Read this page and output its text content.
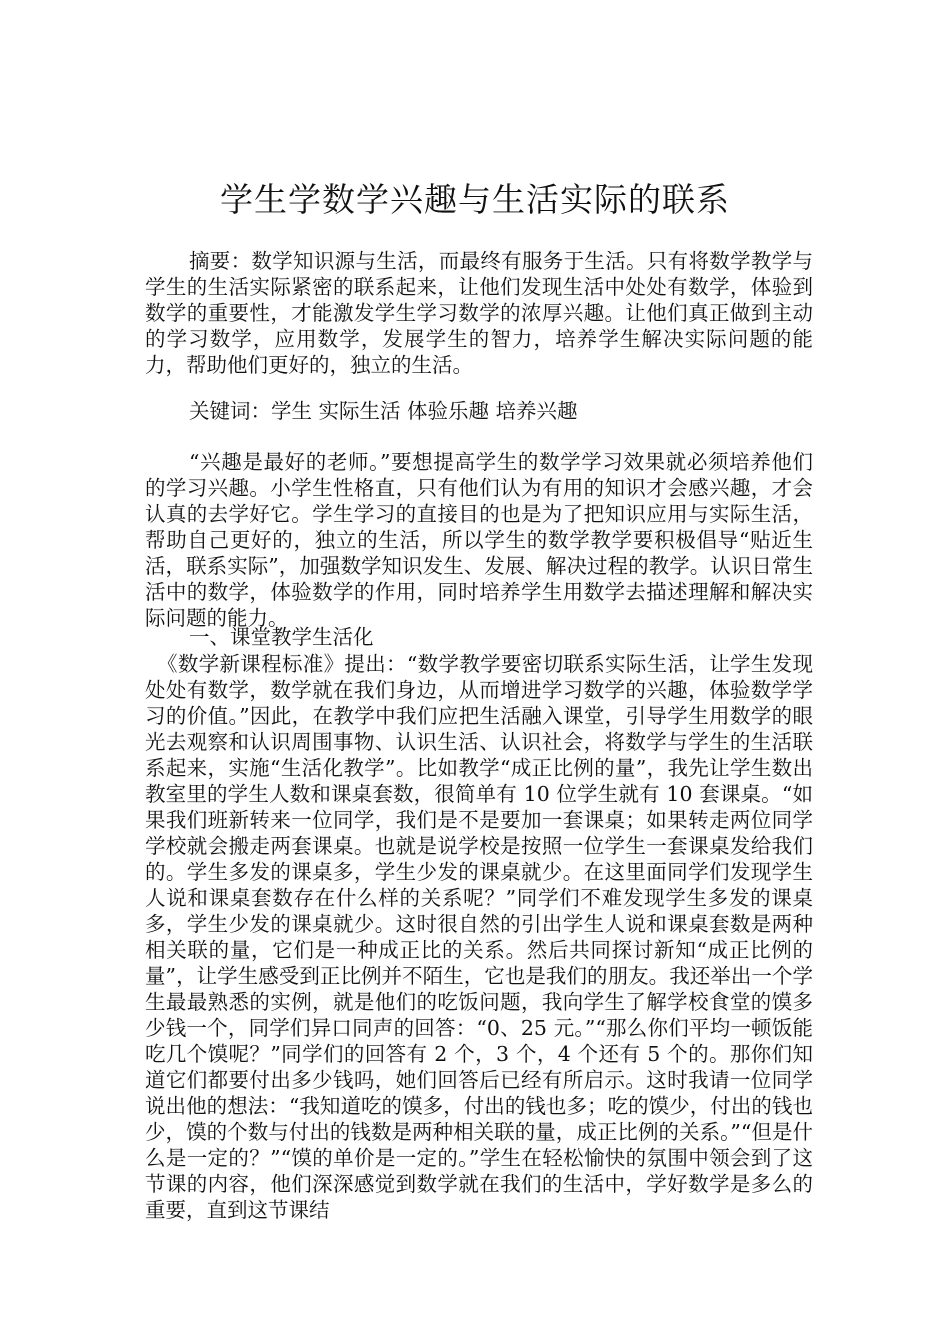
学生学数学兴趣与生活实际的联系

摘要：数学知识源与生活，而最终有服务于生活。只有将数学教学与学生的生活实际紧密的联系起来，让他们发现生活中处处有数学，体验到数学的重要性，才能激发学生学习数学的浓厚兴趣。让他们真正做到主动的学习数学，应用数学，发展学生的智力，培养学生解决实际问题的能力，帮助他们更好的，独立的生活。

关键词：学生 实际生活 体验乐趣 培养兴趣

“兴趣是最好的老师。”要想提高学生的数学学习效果就必须培养他们的学习兴趣。小学生性格直，只有他们认为有用的知识才会感兴趣，才会认真的去学好它。学生学习的直接目的也是为了把知识应用与实际生活，帮助自己更好的，独立的生活，所以学生的数学教学要积极倡导“贴近生活，联系实际”，加强数学知识发生、发展、解决过程的教学。认识日常生活中的数学，体验数学的作用，同时培养学生用数学去描述理解和解决实际问题的能力。

一、课堂教学生活化

《数学新课程标准》提出：“数学教学要密切联系实际生活，让学生发现处处有数学，数学就在我们身边，从而增进学习数学的兴趣，体验数学学习的价值。”因此，在教学中我们应把生活融入课堂，引导学生用数学的眼光去观察和认识周围事物、认识生活、认识社会，将数学与学生的生活联系起来，实施“生活化教学”。比如教学“成正比例的量”，我先让学生数出教室里的学生人数和课桌套数，很简单有 10 位学生就有 10 套课桌。“如果我们班新转来一位同学，我们是不是要加一套课桌；如果转走两位同学学校就会搬走两套课桌。也就是说学校是按照一位学生一套课桌发给我们的。学生多发的课桌多，学生少发的课桌就少。在这里面同学们发现学生人说和课桌套数存在什么样的关系呢？”同学们不难发现学生多发的课桌多，学生少发的课桌就少。这时很自然的引出学生人说和课桌套数是两种相关联的量，它们是一种成正比的关系。然后共同探讨新知“成正比例的量”，让学生感受到正比例并不陌生，它也是我们的朋友。我还举出一个学生最最熟悉的实例，就是他们的吃饭问题，我向学生了解学校食堂的馍多少钱一个，同学们异口同声的回答：“0、25 元。”“那么你们平均一顿饭能吃几个馍呢？”同学们的回答有 2 个，3 个，4 个还有 5 个的。那你们知道它们都要付出多少钱吗，她们回答后已经有所启示。这时我请一位同学说出他的想法：“我知道吃的馍多，付出的钱也多；吃的馍少，付出的钱也少，馍的个数与付出的钱数是两种相关联的量，成正比例的关系。”“但是什么是一定的？”“馍的单价是一定的。”学生在轻松愉快的氛围中领会到了这节课的内容，他们深深感觉到数学就在我们的生活中，学好数学是多么的重要，直到这节课结
